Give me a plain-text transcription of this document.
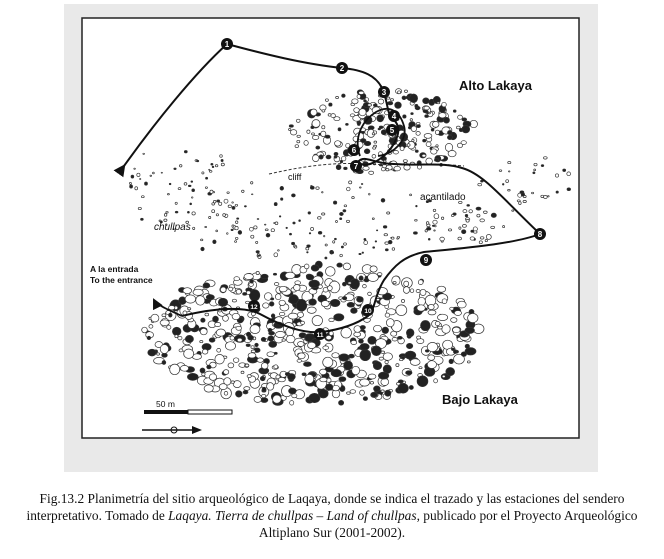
1
2
3
4
5
6
7
8
9
10
11
12
Alto Lakaya
Bajo Lakaya
acantilado
cliff
chullpas
A la entrada
To the entrance
50 m
Fig.13.2 Planimetría del sitio arqueológico de Laqaya, donde se indica el trazado y las estaciones del sendero interpretativo. Tomado de Laqaya. Tierra de chullpas – Land of chullpas, publicado por el Proyecto Arqueológico Altiplano Sur (2001-2002).
